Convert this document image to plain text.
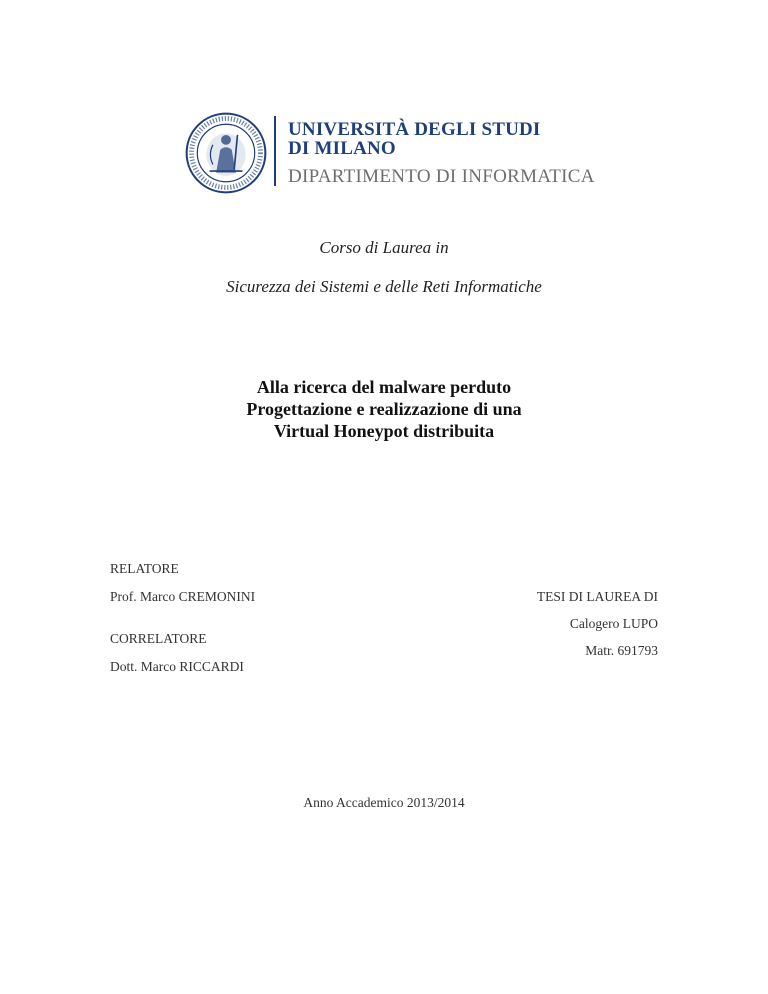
UNIVERSITÀ DEGLI STUDI
DI MILANO
DIPARTIMENTO DI INFORMATICA
Corso di Laurea in
Sicurezza dei Sistemi e delle Reti Informatiche
Alla ricerca del malware perduto
Progettazione e realizzazione di una
Virtual Honeypot distribuita
RELATORE
Prof. Marco CREMONINI
CORRELATORE
Dott. Marco RICCARDI
TESI DI LAUREA DI
Calogero LUPO
Matr. 691793
Anno Accademico 2013/2014
